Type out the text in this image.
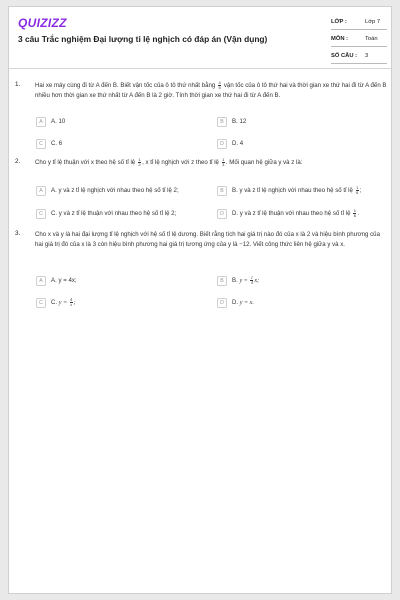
QUIZIZZ
3 câu Trắc nghiệm Đại lượng tỉ lệ nghịch có đáp án (Vận dụng)
LỚP :	Lớp 7
MÔN :	Toán
SỐ CÂU :	3
1. Hai xe máy cùng đi từ A đến B. Biết vận tốc của ô tô thứ nhất bằng $\frac{4}{5}$ vận tốc của ô tô thứ hai và thời gian xe thứ hai đi từ A đến B nhiều hơn thời gian xe thứ nhất từ A đến B là 2 giờ. Tính thời gian xe thứ hai đi từ A đến B.
A	A. 10	B	B. 12
C	C. 6	D	D. 4
2. Cho y tỉ lệ thuận với x theo hệ số tỉ lệ $\frac{1}{2}$ , x tỉ lệ nghịch với z theo tỉ lệ $\frac{1}{3}$ . Mối quan hệ giữa y và z là:
A	A. y và z tỉ lệ nghịch với nhau theo hệ số tỉ lệ 2;	B	B. y và z tỉ lệ nghịch với nhau theo hệ số tỉ lệ $\frac{1}{6}$ ;
C	C. y và z tỉ lệ thuận với nhau theo hệ số tỉ lệ 2;	D	D. y và z tỉ lệ thuận với nhau theo hệ số tỉ lệ $\frac{1}{6}$ .
3. Cho x và y là hai đại lượng tỉ lệ nghịch với hệ số tỉ lệ dương. Biết rằng tích hai giá trị nào đó của x là 2 và hiệu bình phương của hai giá trị đó của x là 3 còn hiệu bình phương hai giá trị tương ứng của y là −12. Viết công thức liên hệ giữa y và x.
A	A. y = 4x;	B	B. $y = \frac{1}{4} x$;
C	C. $y = \frac{4}{x}$ ;	D	D. y = x.
